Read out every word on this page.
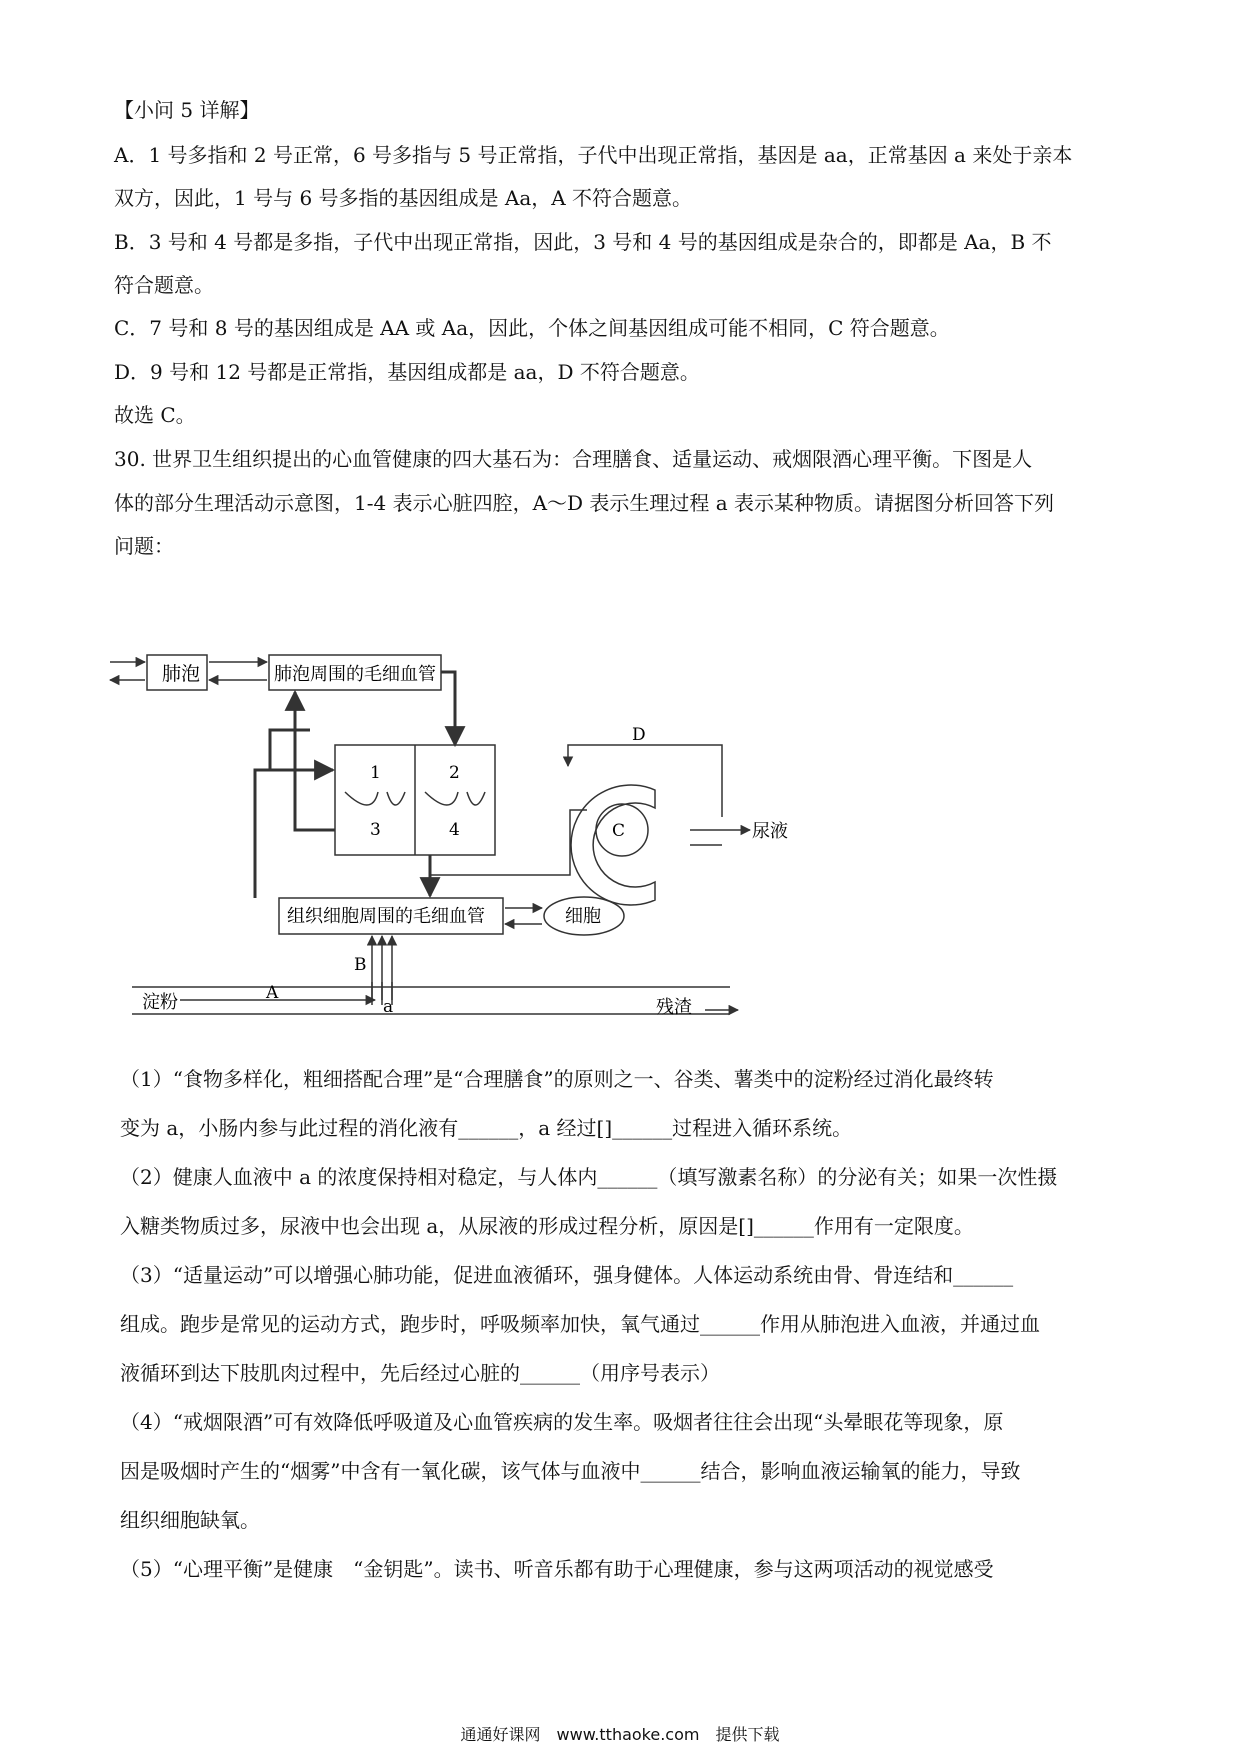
【小问 5 详解】
A．1 号多指和 2 号正常，6 号多指与 5 号正常指，子代中出现正常指，基因是 aa，正常基因 a 来处于亲本
双方，因此，1 号与 6 号多指的基因组成是 Aa，A 不符合题意。
B．3 号和 4 号都是多指，子代中出现正常指，因此，3 号和 4 号的基因组成是杂合的，即都是 Aa，B 不
符合题意。
C．7 号和 8 号的基因组成是 AA 或 Aa，因此，个体之间基因组成可能不相同，C 符合题意。
D．9 号和 12 号都是正常指，基因组成都是 aa，D 不符合题意。
故选 C。
30. 世界卫生组织提出的心血管健康的四大基石为：合理膳食、适量运动、戒烟限酒心理平衡。下图是人
体的部分生理活动示意图，1-4 表示心脏四腔，A～D 表示生理过程 a 表示某种物质。请据图分析回答下列
问题：
肺泡	肺泡周围的毛细血管
1	2
3	4	C
D
尿液
组织细胞周围的毛细血管	细胞
B
淀粉	A
a	残渣
（1）“食物多样化，粗细搭配合理”是“合理膳食”的原则之一、谷类、薯类中的淀粉经过消化最终转
变为 a，小肠内参与此过程的消化液有______，a 经过[]______过程进入循环系统。
（2）健康人血液中 a 的浓度保持相对稳定，与人体内______（填写激素名称）的分泌有关；如果一次性摄
入糖类物质过多，尿液中也会出现 a，从尿液的形成过程分析，原因是[]______作用有一定限度。
（3）“适量运动”可以增强心肺功能，促进血液循环，强身健体。人体运动系统由骨、骨连结和______
组成。跑步是常见的运动方式，跑步时，呼吸频率加快，氧气通过______作用从肺泡进入血液，并通过血
液循环到达下肢肌肉过程中，先后经过心脏的______（用序号表示）
（4）“戒烟限酒”可有效降低呼吸道及心血管疾病的发生率。吸烟者往往会出现“头晕眼花等现象，原
因是吸烟时产生的“烟雾”中含有一氧化碳，该气体与血液中______结合，影响血液运输氧的能力，导致
组织细胞缺氧。
（5）“心理平衡”是健康　“金钥匙”。读书、听音乐都有助于心理健康，参与这两项活动的视觉感受
通通好课网　www.tthaoke.com　提供下载
